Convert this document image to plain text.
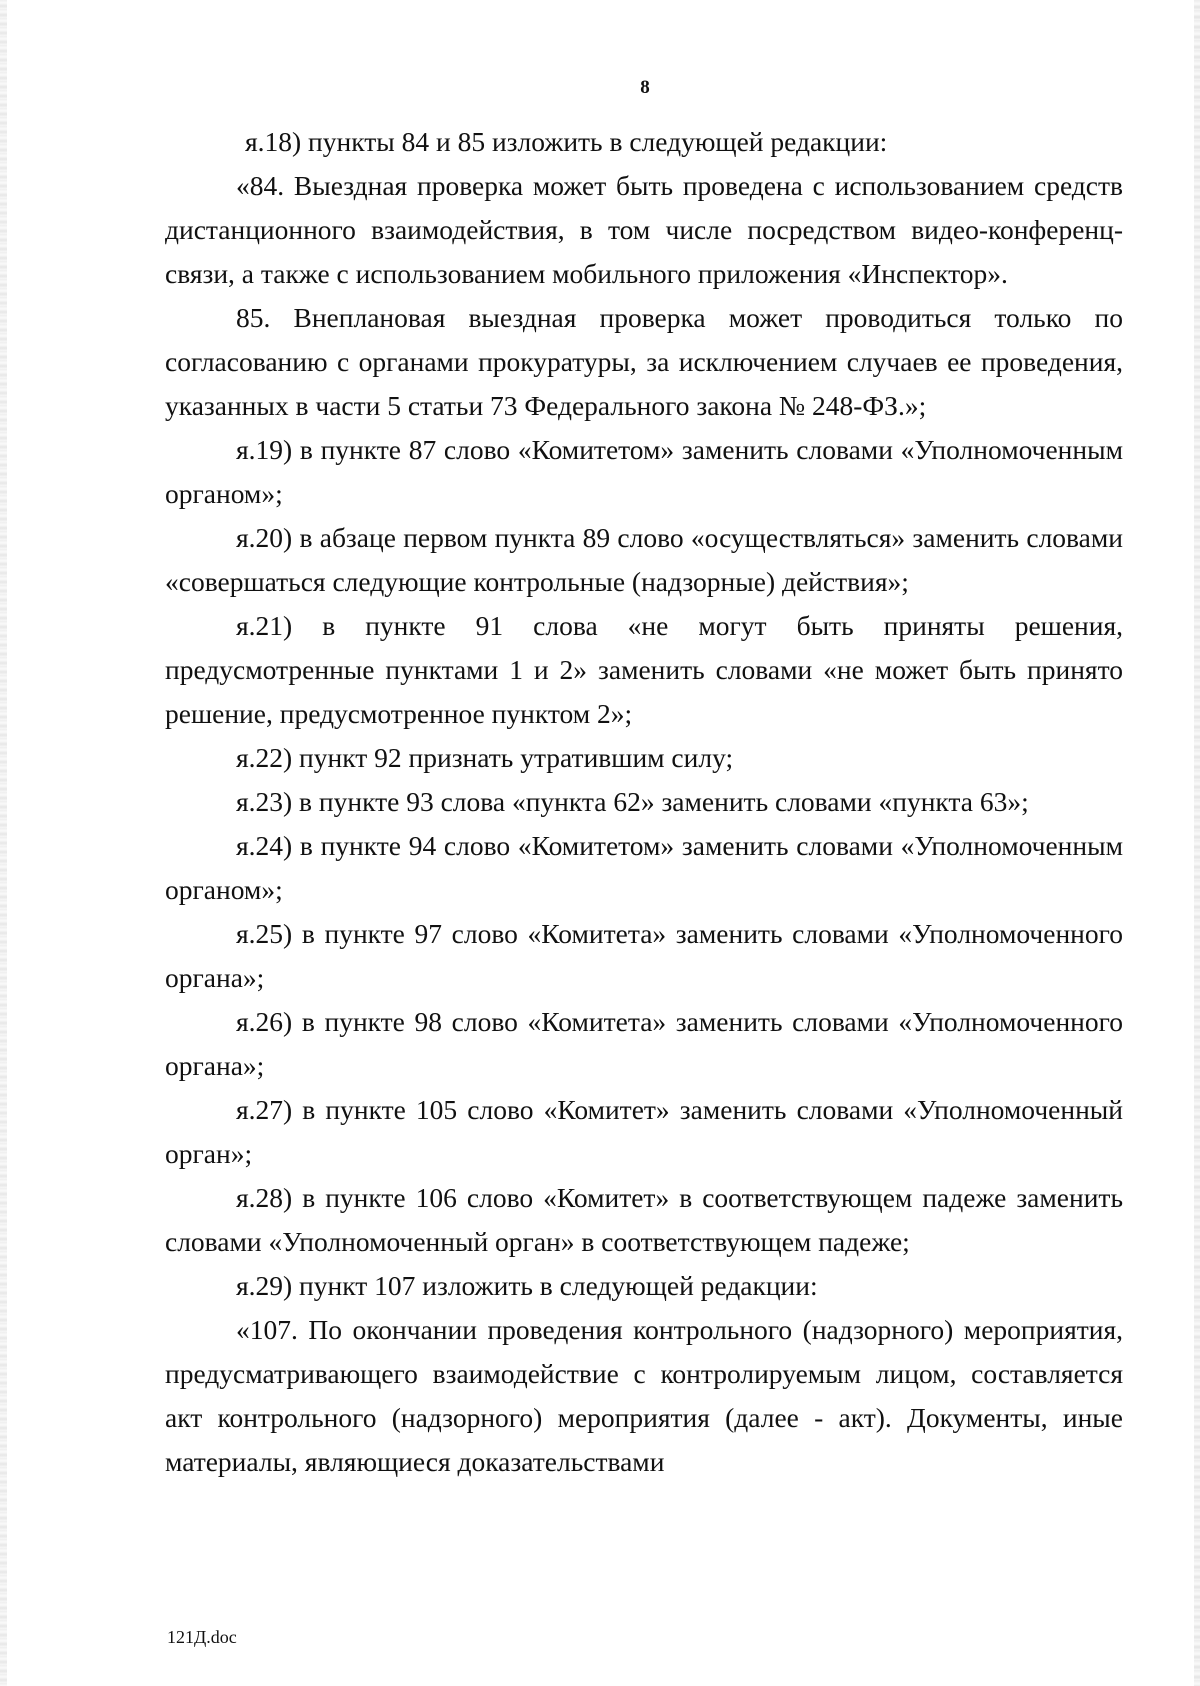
8

я.18) пункты 84 и 85 изложить в следующей редакции:

«84. Выездная проверка может быть проведена с использованием средств дистанционного взаимодействия, в том числе посредством видео-конференц-связи, а также с использованием мобильного приложения «Инспектор».

85. Внеплановая выездная проверка может проводиться только по согласованию с органами прокуратуры, за исключением случаев ее проведения, указанных в части 5 статьи 73 Федерального закона № 248-ФЗ.»;

я.19) в пункте 87 слово «Комитетом» заменить словами «Уполномоченным органом»;

я.20) в абзаце первом пункта 89 слово «осуществляться» заменить словами «совершаться следующие контрольные (надзорные) действия»;

я.21) в пункте 91 слова «не могут быть приняты решения, предусмотренные пунктами 1 и 2» заменить словами «не может быть принято решение, предусмотренное пунктом 2»;

я.22) пункт 92 признать утратившим силу;

я.23) в пункте 93 слова «пункта 62» заменить словами «пункта 63»;

я.24) в пункте 94 слово «Комитетом» заменить словами «Уполномоченным органом»;

я.25) в пункте 97 слово «Комитета» заменить словами «Уполномоченного органа»;

я.26) в пункте 98 слово «Комитета» заменить словами «Уполномоченного органа»;

я.27) в пункте 105 слово «Комитет» заменить словами «Уполномоченный орган»;

я.28) в пункте 106 слово «Комитет» в соответствующем падеже заменить словами «Уполномоченный орган» в соответствующем падеже;

я.29) пункт 107 изложить в следующей редакции:

«107. По окончании проведения контрольного (надзорного) мероприятия, предусматривающего взаимодействие с контролируемым лицом, составляется акт контрольного (надзорного) мероприятия (далее - акт). Документы, иные материалы, являющиеся доказательствами

121Д.doc
